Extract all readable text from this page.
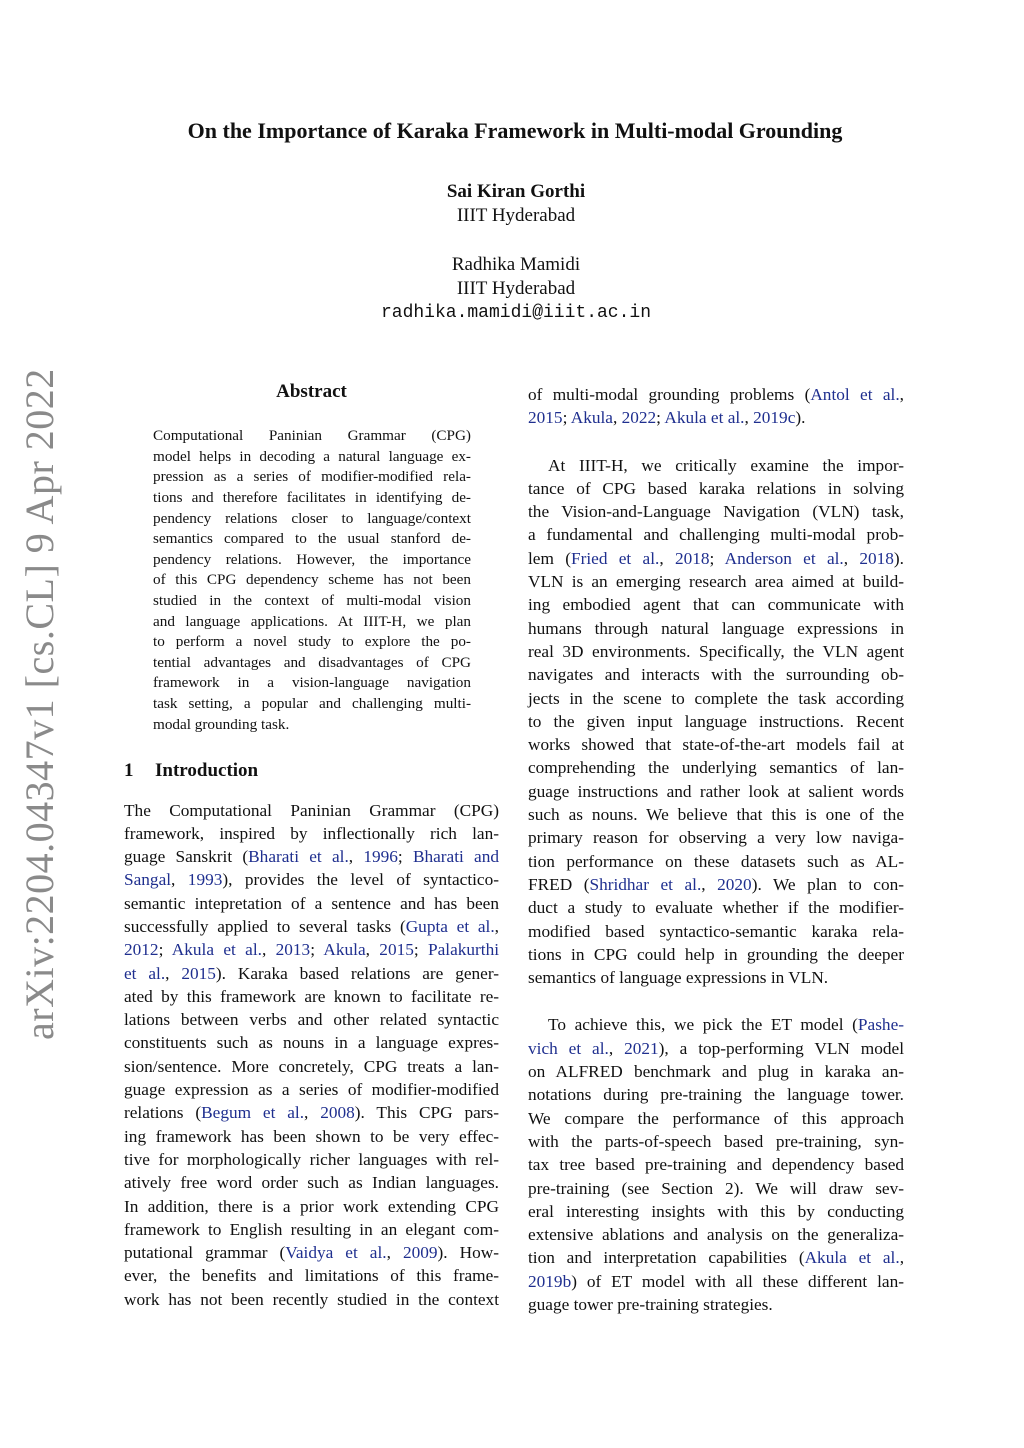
arXiv:2204.04347v1 [cs.CL] 9 Apr 2022
On the Importance of Karaka Framework in Multi-modal Grounding
Sai Kiran Gorthi
IIIT Hyderabad
Radhika Mamidi
IIIT Hyderabad
radhika.mamidi@iiit.ac.in
Abstract
Computational Paninian Grammar (CPG)
model helps in decoding a natural language ex-
pression as a series of modifier-modified rela-
tions and therefore facilitates in identifying de-
pendency relations closer to language/context
semantics compared to the usual stanford de-
pendency relations. However, the importance
of this CPG dependency scheme has not been
studied in the context of multi-modal vision
and language applications. At IIIT-H, we plan
to perform a novel study to explore the po-
tential advantages and disadvantages of CPG
framework in a vision-language navigation
task setting, a popular and challenging multi-
modal grounding task.
1 Introduction
The Computational Paninian Grammar (CPG)
framework, inspired by inflectionally rich lan-
guage Sanskrit (Bharati et al., 1996; Bharati and
Sangal, 1993), provides the level of syntactico-
semantic intepretation of a sentence and has been
successfully applied to several tasks (Gupta et al.,
2012; Akula et al., 2013; Akula, 2015; Palakurthi
et al., 2015). Karaka based relations are gener-
ated by this framework are known to facilitate re-
lations between verbs and other related syntactic
constituents such as nouns in a language expres-
sion/sentence. More concretely, CPG treats a lan-
guage expression as a series of modifier-modified
relations (Begum et al., 2008). This CPG pars-
ing framework has been shown to be very effec-
tive for morphologically richer languages with rel-
atively free word order such as Indian languages.
In addition, there is a prior work extending CPG
framework to English resulting in an elegant com-
putational grammar (Vaidya et al., 2009). How-
ever, the benefits and limitations of this frame-
work has not been recently studied in the context
of multi-modal grounding problems (Antol et al.,
2015; Akula, 2022; Akula et al., 2019c).
At IIIT-H, we critically examine the impor-
tance of CPG based karaka relations in solving
the Vision-and-Language Navigation (VLN) task,
a fundamental and challenging multi-modal prob-
lem (Fried et al., 2018; Anderson et al., 2018).
VLN is an emerging research area aimed at build-
ing embodied agent that can communicate with
humans through natural language expressions in
real 3D environments. Specifically, the VLN agent
navigates and interacts with the surrounding ob-
jects in the scene to complete the task according
to the given input language instructions. Recent
works showed that state-of-the-art models fail at
comprehending the underlying semantics of lan-
guage instructions and rather look at salient words
such as nouns. We believe that this is one of the
primary reason for observing a very low naviga-
tion performance on these datasets such as AL-
FRED (Shridhar et al., 2020). We plan to con-
duct a study to evaluate whether if the modifier-
modified based syntactico-semantic karaka rela-
tions in CPG could help in grounding the deeper
semantics of language expressions in VLN.
To achieve this, we pick the ET model (Pashe-
vich et al., 2021), a top-performing VLN model
on ALFRED benchmark and plug in karaka an-
notations during pre-training the language tower.
We compare the performance of this approach
with the parts-of-speech based pre-training, syn-
tax tree based pre-training and dependency based
pre-training (see Section 2). We will draw sev-
eral interesting insights with this by conducting
extensive ablations and analysis on the generaliza-
tion and interpretation capabilities (Akula et al.,
2019b) of ET model with all these different lan-
guage tower pre-training strategies.
